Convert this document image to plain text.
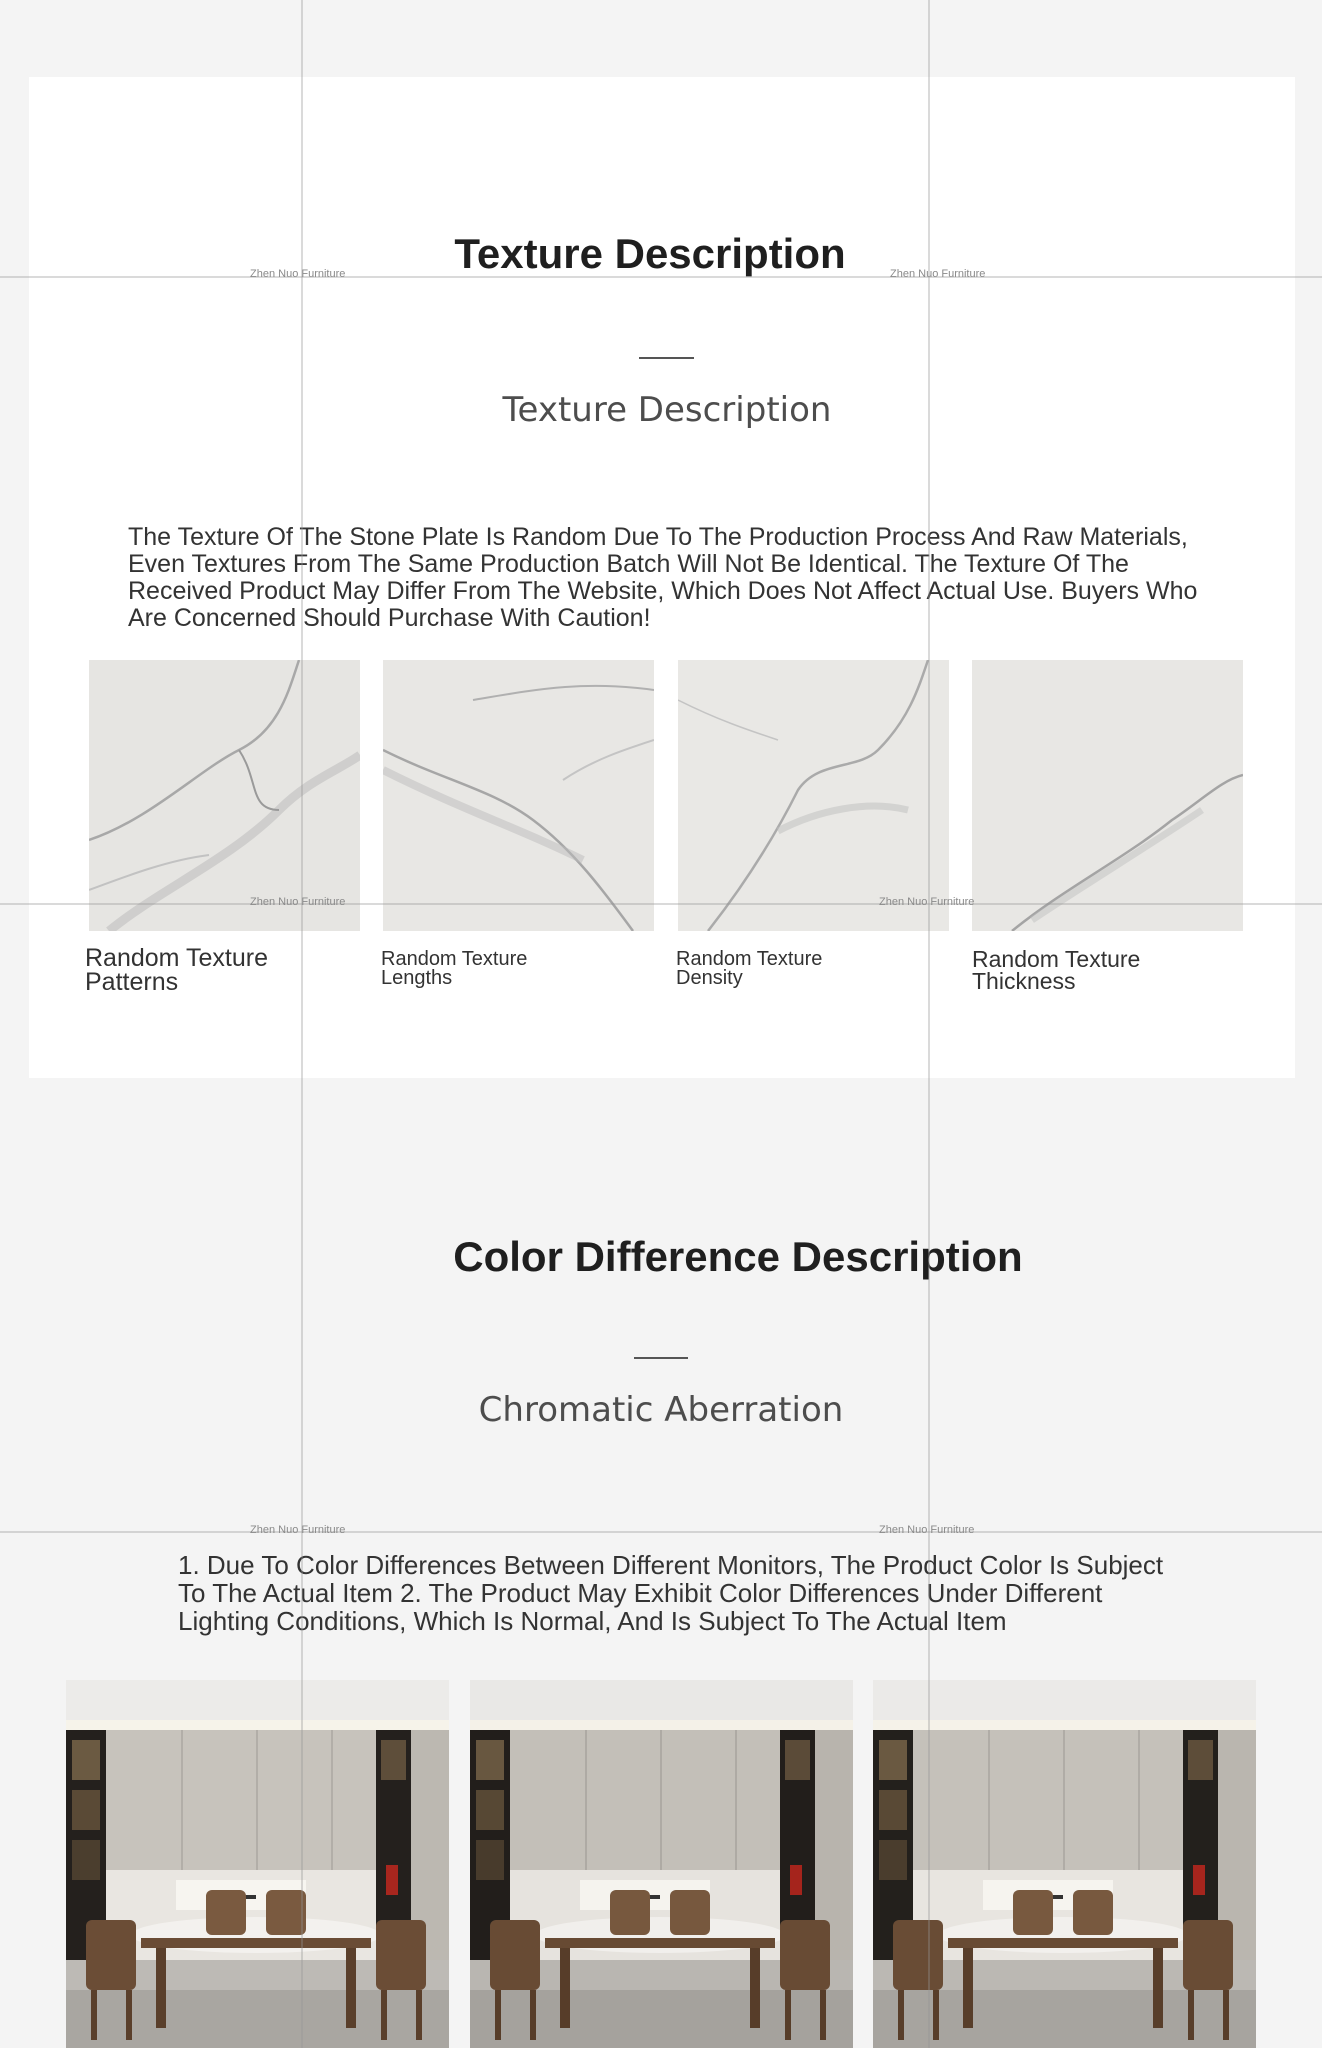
Texture Description
Texture Description

The Texture Of The Stone Plate Is Random Due To The Production Process And Raw Materials, Even Textures From The Same Production Batch Will Not Be Identical. The Texture Of The Received Product May Differ From The Website, Which Does Not Affect Actual Use. Buyers Who Are Concerned Should Purchase With Caution!

Random Texture Patterns
Random Texture Lengths
Random Texture Density
Random Texture Thickness
Color Difference Description
Chromatic Aberration

1. Due To Color Differences Between Different Monitors, The Product Color Is Subject To The Actual Item 2. The Product May Exhibit Color Differences Under Different Lighting Conditions, Which Is Normal, And Is Subject To The Actual Item

Zhen Nuo Furniture	Zhen Nuo Furniture
Zhen Nuo Furniture	Zhen Nuo Furniture
Zhen Nuo Furniture	Zhen Nuo Furniture
